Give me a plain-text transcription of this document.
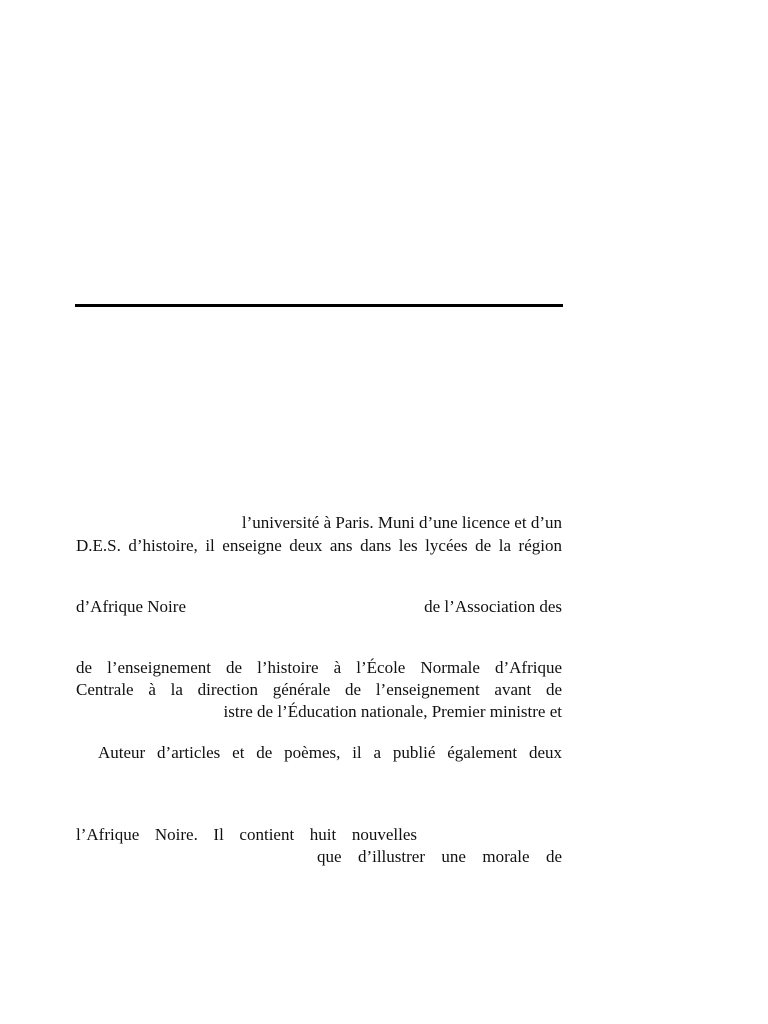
l’université à Paris. Muni d’une licence et d’un
D.E.S. d’histoire, il enseigne deux ans dans les lycées de la région
d’Afrique Noire	de l’Association des
de l’enseignement de l’histoire à l’École Normale d’Afrique
Centrale à la direction générale de l’enseignement avant de
istre de l’Éducation nationale, Premier ministre et
Auteur d’articles et de poèmes, il a publié également deux
l’Afrique Noire. Il contient huit nouvelles
que d’illustrer une morale de
